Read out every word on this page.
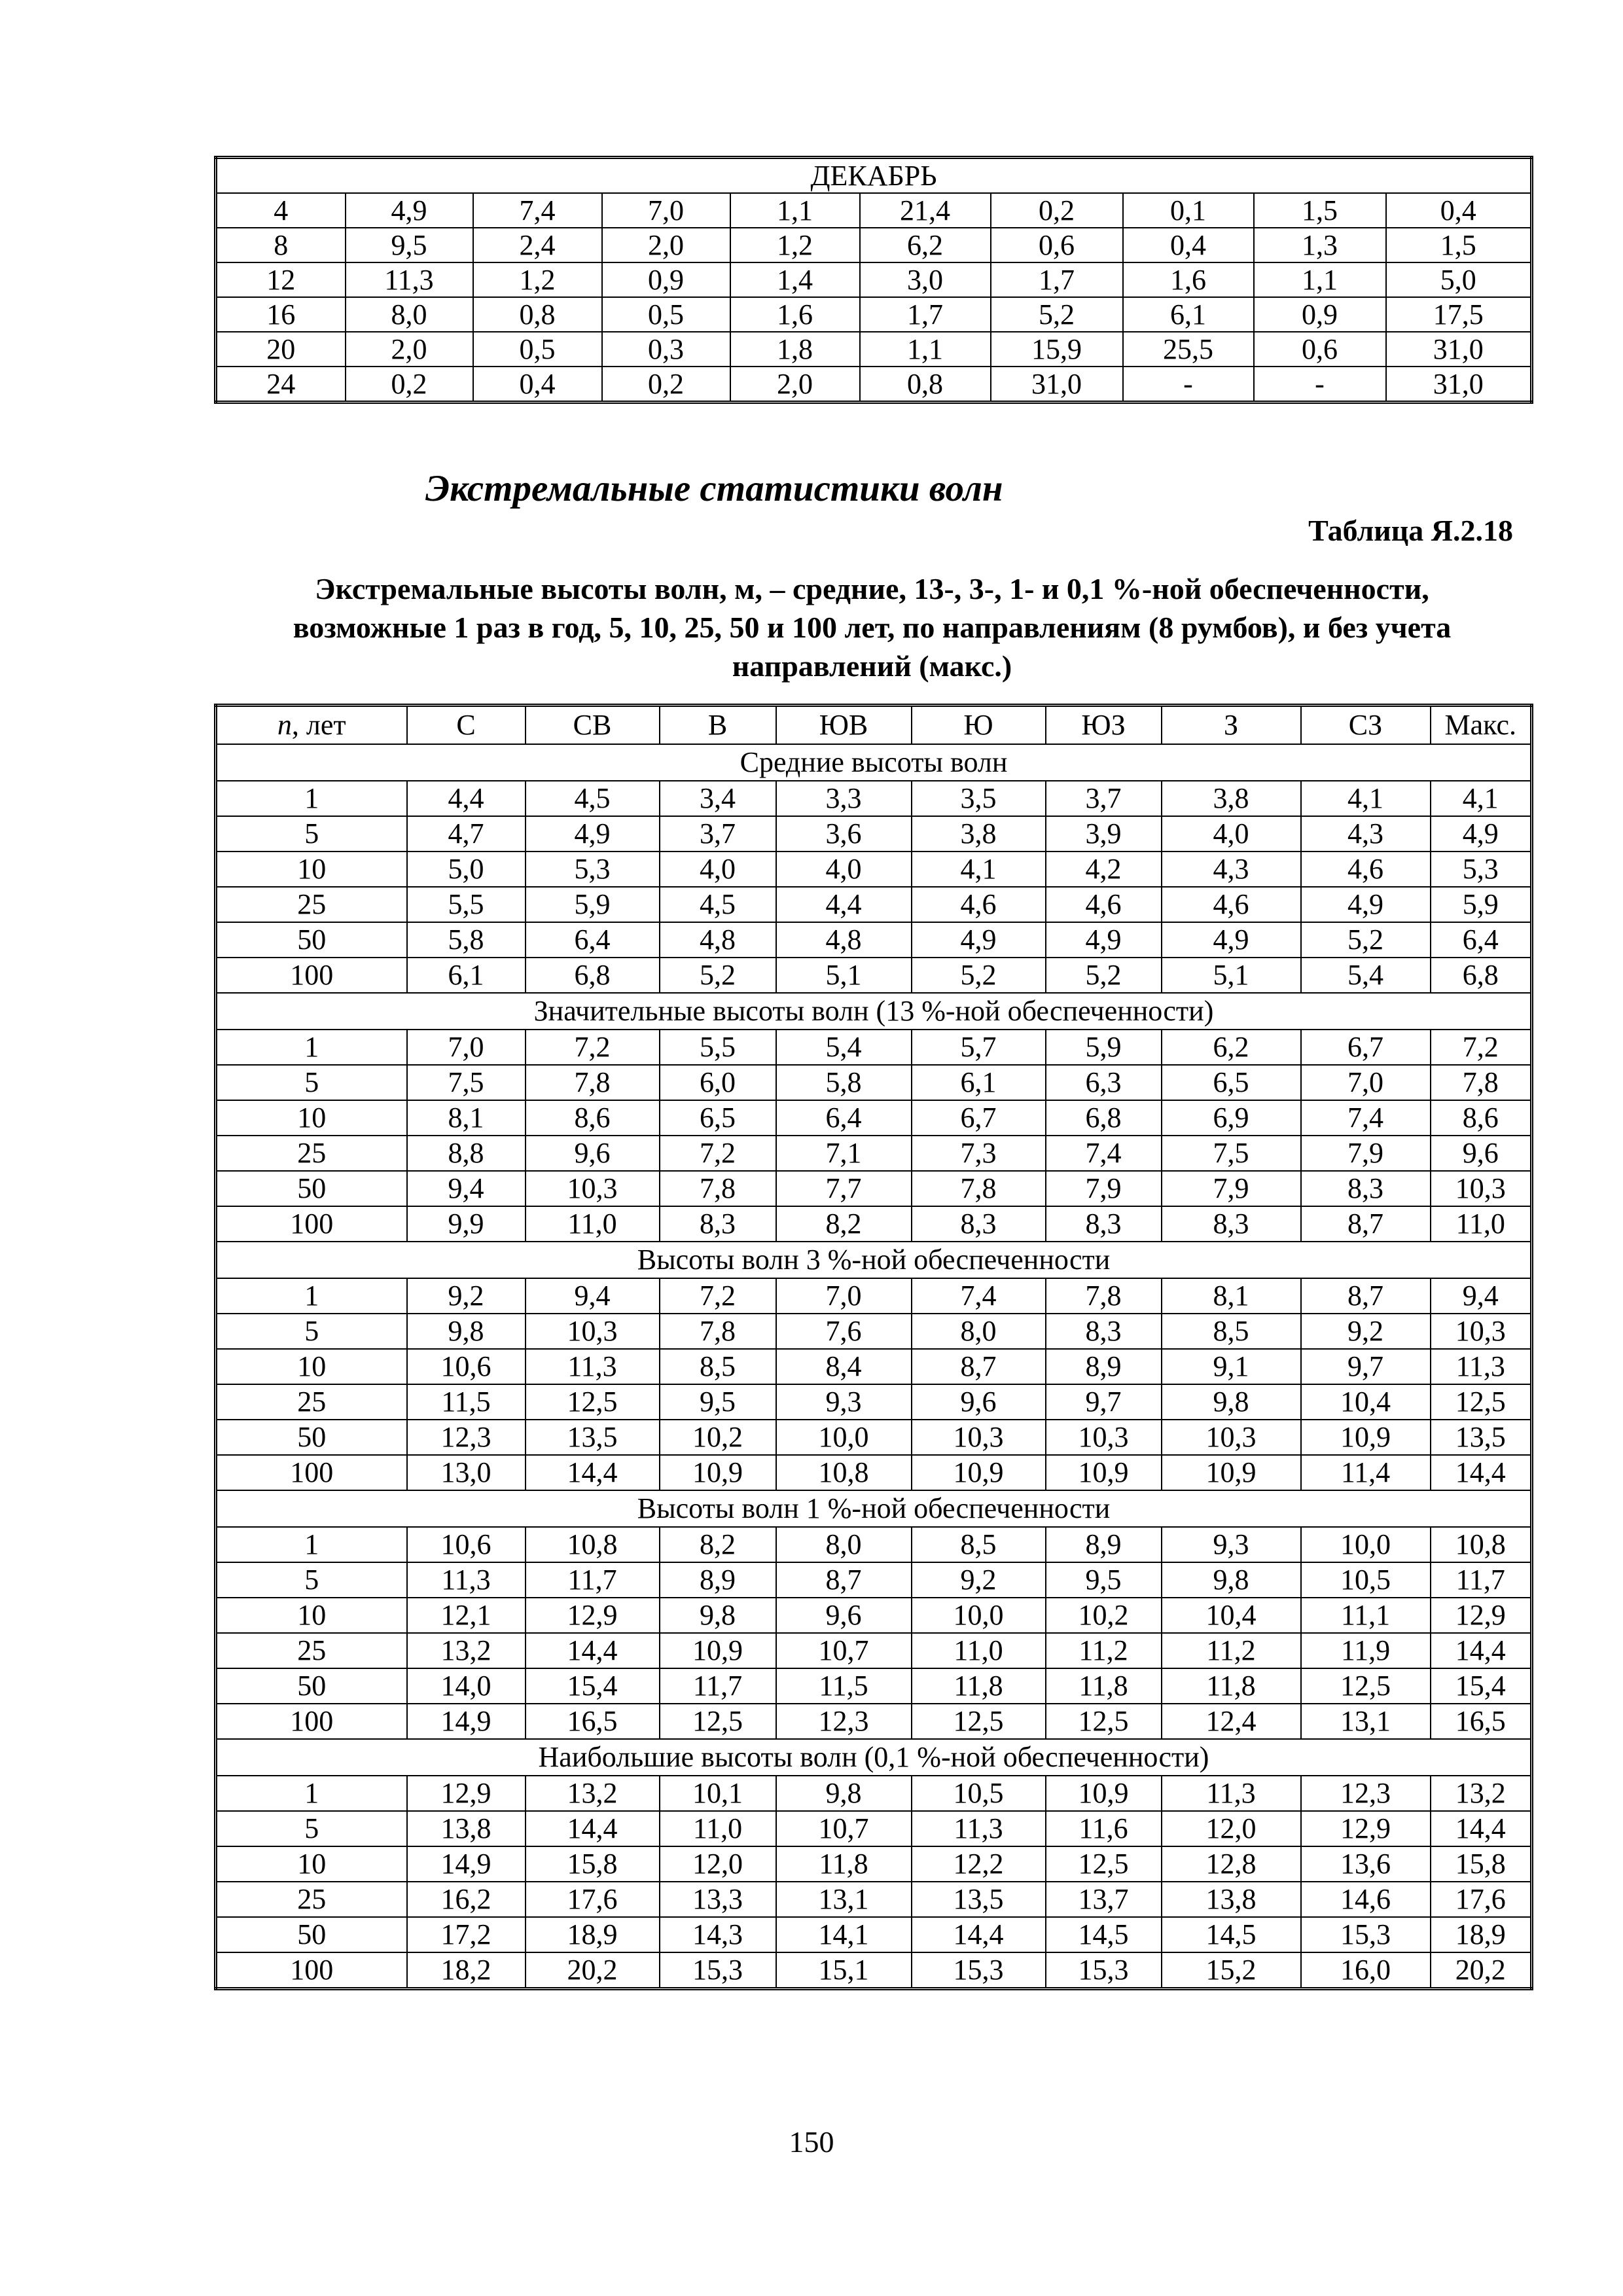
ДЕКАБРЬ									
4	4,9	7,4	7,0	1,1	21,4	0,2	0,1	1,5	0,4
8	9,5	2,4	2,0	1,2	6,2	0,6	0,4	1,3	1,5
12	11,3	1,2	0,9	1,4	3,0	1,7	1,6	1,1	5,0
16	8,0	0,8	0,5	1,6	1,7	5,2	6,1	0,9	17,5
20	2,0	0,5	0,3	1,8	1,1	15,9	25,5	0,6	31,0
24	0,2	0,4	0,2	2,0	0,8	31,0	-	-	31,0
Экстремальные статистики волн
Таблица Я.2.18
Экстремальные высоты волн, м, – средние, 13-, 3-, 1- и 0,1 %-ной обеспеченности,
возможные 1 раз в год, 5, 10, 25, 50 и 100 лет, по направлениям (8 румбов), и без учета
направлений (макс.)
n, лет	С	СВ	В	ЮВ	Ю	ЮЗ	З	СЗ	Макс.
Средние высоты волн									
1	4,4	4,5	3,4	3,3	3,5	3,7	3,8	4,1	4,1
5	4,7	4,9	3,7	3,6	3,8	3,9	4,0	4,3	4,9
10	5,0	5,3	4,0	4,0	4,1	4,2	4,3	4,6	5,3
25	5,5	5,9	4,5	4,4	4,6	4,6	4,6	4,9	5,9
50	5,8	6,4	4,8	4,8	4,9	4,9	4,9	5,2	6,4
100	6,1	6,8	5,2	5,1	5,2	5,2	5,1	5,4	6,8
Значительные высоты волн (13 %-ной обеспеченности)									
1	7,0	7,2	5,5	5,4	5,7	5,9	6,2	6,7	7,2
5	7,5	7,8	6,0	5,8	6,1	6,3	6,5	7,0	7,8
10	8,1	8,6	6,5	6,4	6,7	6,8	6,9	7,4	8,6
25	8,8	9,6	7,2	7,1	7,3	7,4	7,5	7,9	9,6
50	9,4	10,3	7,8	7,7	7,8	7,9	7,9	8,3	10,3
100	9,9	11,0	8,3	8,2	8,3	8,3	8,3	8,7	11,0
Высоты волн 3 %-ной обеспеченности									
1	9,2	9,4	7,2	7,0	7,4	7,8	8,1	8,7	9,4
5	9,8	10,3	7,8	7,6	8,0	8,3	8,5	9,2	10,3
10	10,6	11,3	8,5	8,4	8,7	8,9	9,1	9,7	11,3
25	11,5	12,5	9,5	9,3	9,6	9,7	9,8	10,4	12,5
50	12,3	13,5	10,2	10,0	10,3	10,3	10,3	10,9	13,5
100	13,0	14,4	10,9	10,8	10,9	10,9	10,9	11,4	14,4
Высоты волн 1 %-ной обеспеченности									
1	10,6	10,8	8,2	8,0	8,5	8,9	9,3	10,0	10,8
5	11,3	11,7	8,9	8,7	9,2	9,5	9,8	10,5	11,7
10	12,1	12,9	9,8	9,6	10,0	10,2	10,4	11,1	12,9
25	13,2	14,4	10,9	10,7	11,0	11,2	11,2	11,9	14,4
50	14,0	15,4	11,7	11,5	11,8	11,8	11,8	12,5	15,4
100	14,9	16,5	12,5	12,3	12,5	12,5	12,4	13,1	16,5
Наибольшие высоты волн (0,1 %-ной обеспеченности)									
1	12,9	13,2	10,1	9,8	10,5	10,9	11,3	12,3	13,2
5	13,8	14,4	11,0	10,7	11,3	11,6	12,0	12,9	14,4
10	14,9	15,8	12,0	11,8	12,2	12,5	12,8	13,6	15,8
25	16,2	17,6	13,3	13,1	13,5	13,7	13,8	14,6	17,6
50	17,2	18,9	14,3	14,1	14,4	14,5	14,5	15,3	18,9
100	18,2	20,2	15,3	15,1	15,3	15,3	15,2	16,0	20,2
150
